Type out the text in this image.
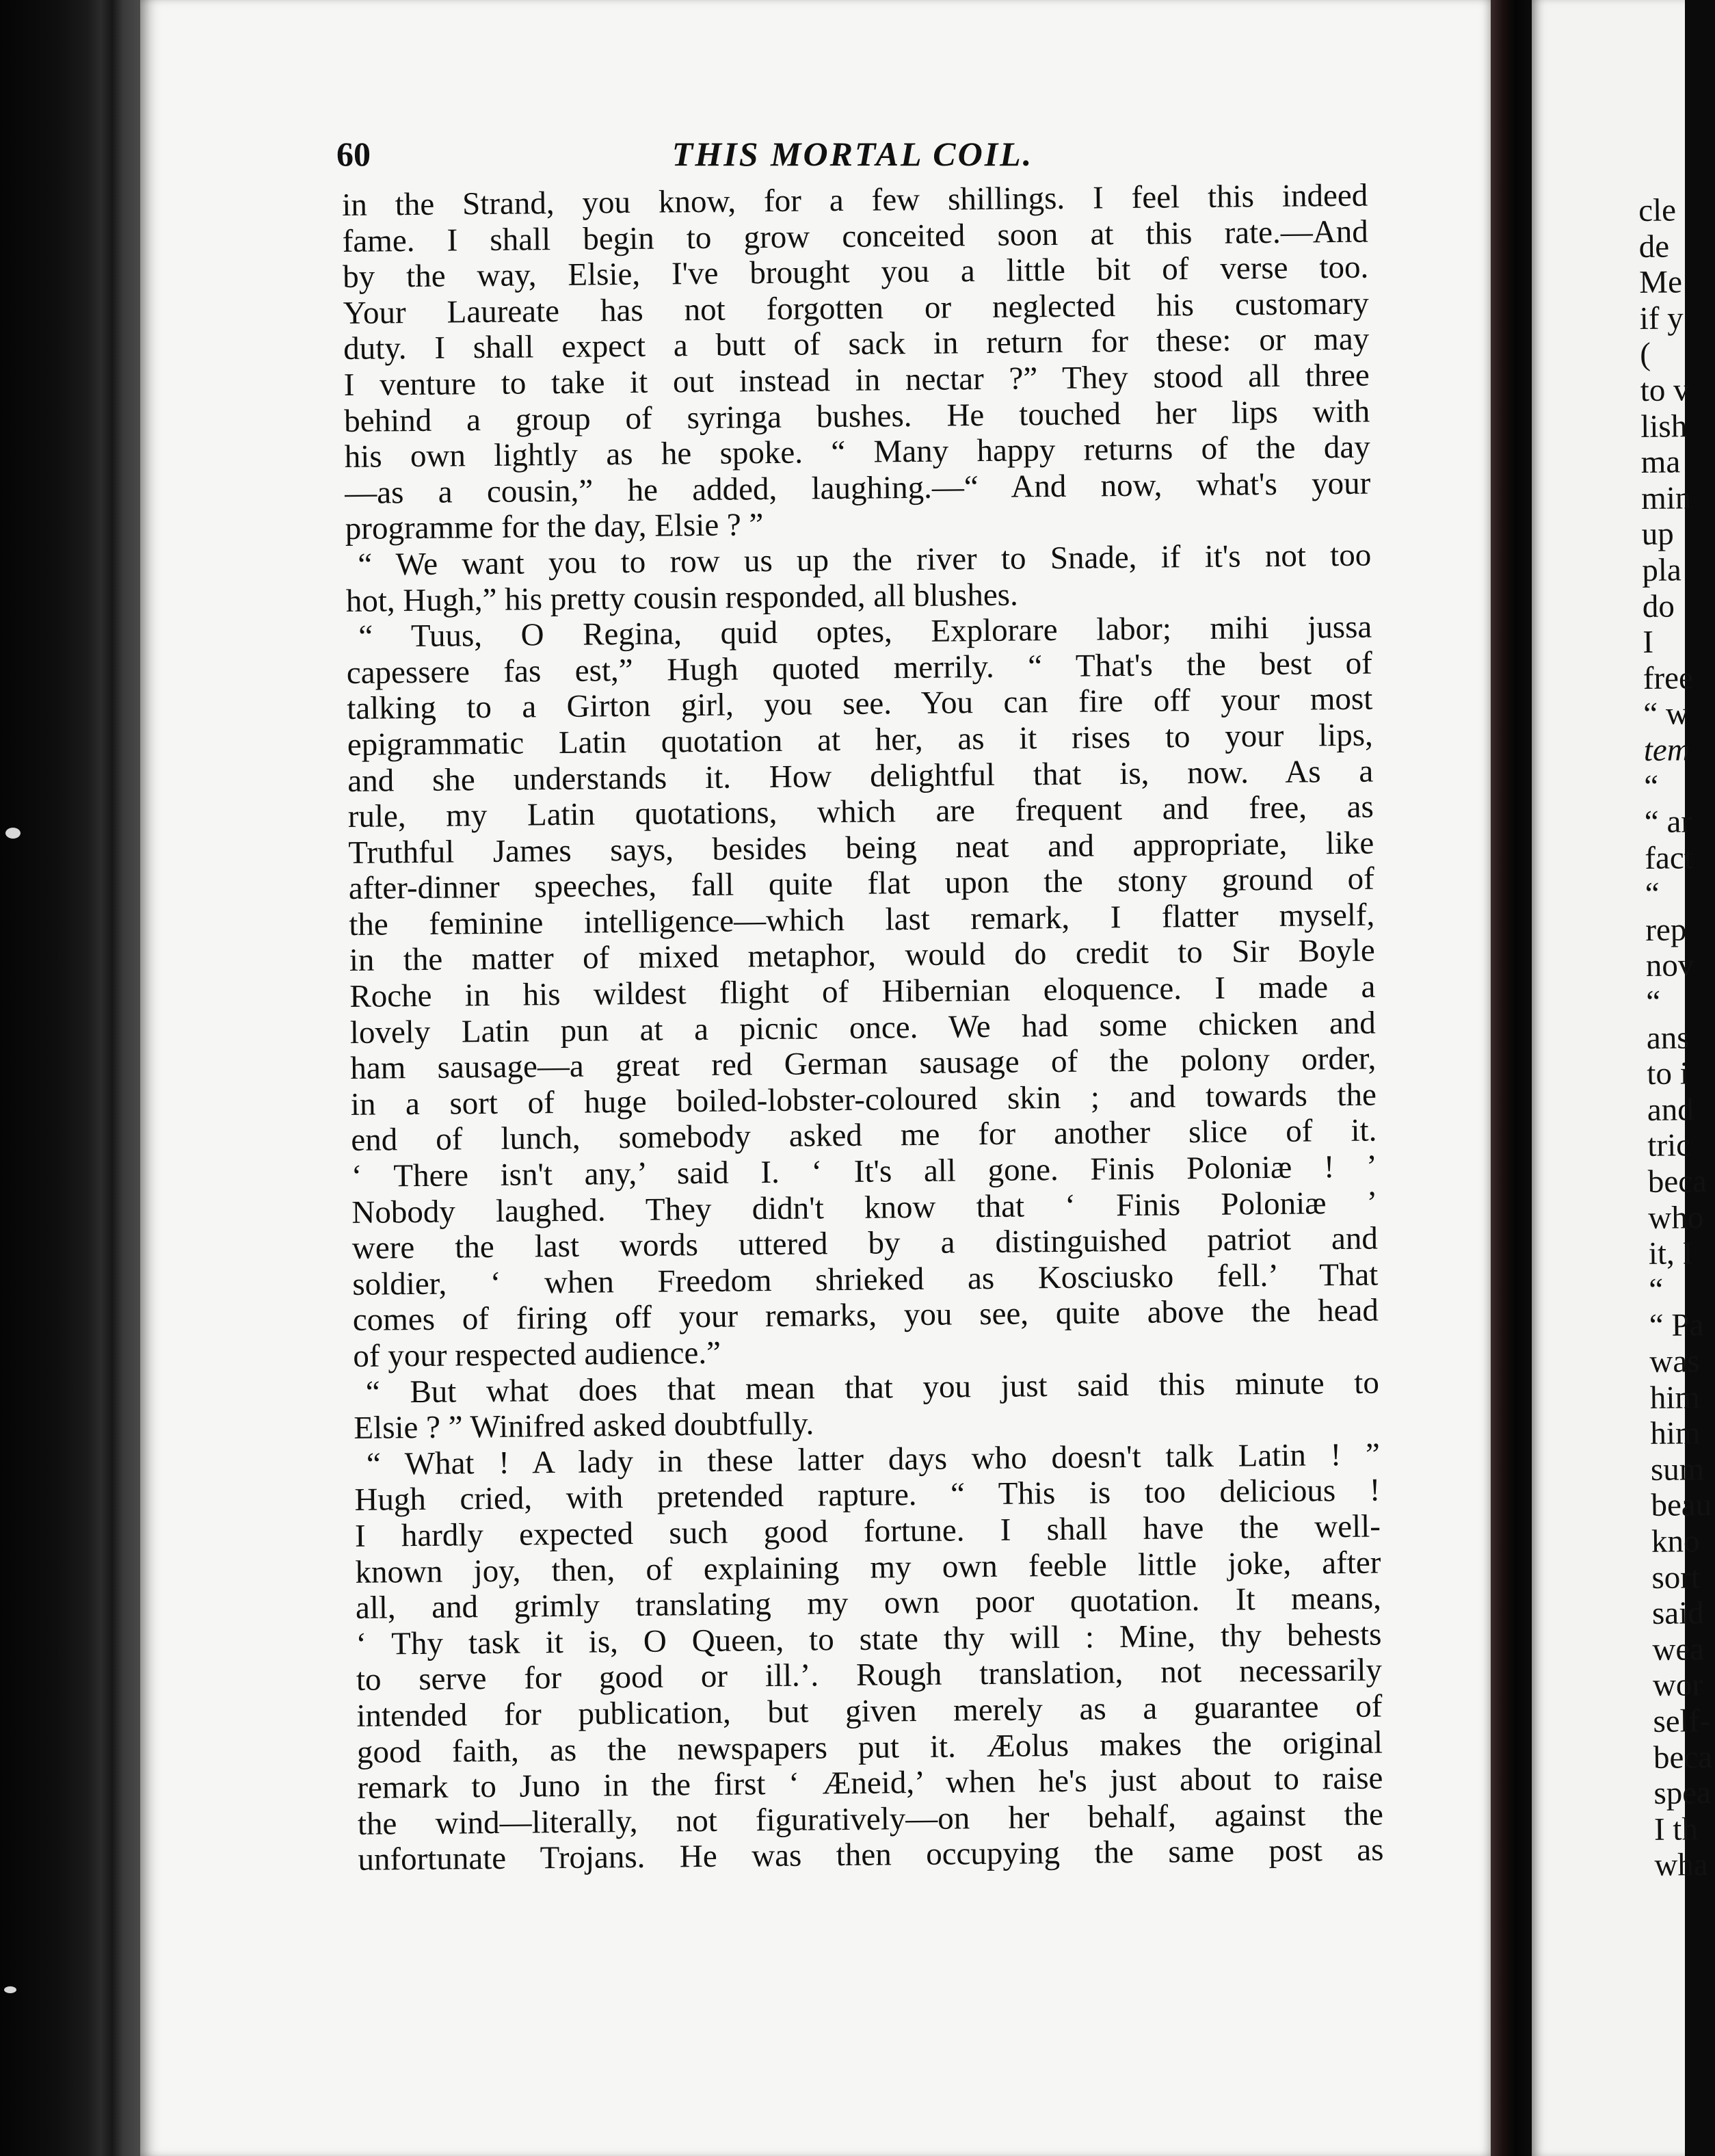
60	THIS MORTAL COIL.
in the Strand, you know, for a few shillings. I feel this indeed
fame. I shall begin to grow conceited soon at this rate.—And
by the way, Elsie, I've brought you a little bit of verse too.
Your Laureate has not forgotten or neglected his customary
duty. I shall expect a butt of sack in return for these: or may
I venture to take it out instead in nectar ?” They stood all three
behind a group of syringa bushes. He touched her lips with
his own lightly as he spoke. “ Many happy returns of the day
—as a cousin,” he added, laughing.—“ And now, what's your
programme for the day, Elsie ? ”
“ We want you to row us up the river to Snade, if it's not too
hot, Hugh,” his pretty cousin responded, all blushes.
“ Tuus, O Regina, quid optes, Explorare labor; mihi jussa
capessere fas est,” Hugh quoted merrily. “ That's the best of
talking to a Girton girl, you see. You can fire off your most
epigrammatic Latin quotation at her, as it rises to your lips,
and she understands it. How delightful that is, now. As a
rule, my Latin quotations, which are frequent and free, as
Truthful James says, besides being neat and appropriate, like
after-dinner speeches, fall quite flat upon the stony ground of
the feminine intelligence—which last remark, I flatter myself,
in the matter of mixed metaphor, would do credit to Sir Boyle
Roche in his wildest flight of Hibernian eloquence. I made a
lovely Latin pun at a picnic once. We had some chicken and
ham sausage—a great red German sausage of the polony order,
in a sort of huge boiled-lobster-coloured skin ; and towards the
end of lunch, somebody asked me for another slice of it.
‘ There isn't any,’ said I. ‘ It's all gone. Finis Poloniæ ! ’
Nobody laughed. They didn't know that ‘ Finis Poloniæ ’
were the last words uttered by a distinguished patriot and
soldier, ‘ when Freedom shrieked as Kosciusko fell.’ That
comes of firing off your remarks, you see, quite above the head
of your respected audience.”
“ But what does that mean that you just said this minute to
Elsie ? ” Winifred asked doubtfully.
“ What ! A lady in these latter days who doesn't talk Latin ! ”
Hugh cried, with pretended rapture. “ This is too delicious !
I hardly expected such good fortune. I shall have the well-
known joy, then, of explaining my own feeble little joke, after
all, and grimly translating my own poor quotation. It means,
‘ Thy task it is, O Queen, to state thy will : Mine, thy behests
to serve for good or ill.’. Rough translation, not necessarily
intended for publication, but given merely as a guarantee of
good faith, as the newspapers put it. Æolus makes the original
remark to Juno in the first ‘ Æneid,’ when he's just about to raise
the wind—literally, not figuratively—on her behalf, against the
unfortunate Trojans. He was then occupying the same post as
cle
de
Me
if y
(
to v
lish
ma
min
up
pla
do
I
free
“ w
tem
“
“ ar
fact
“
rep
nov
“
ans
to i
and
tric
beca
who
it, I
“
“ Pa
was
him
him
sum
beau
kno
sort
said
wea
wor
self-
beca
spea
I th
wha
